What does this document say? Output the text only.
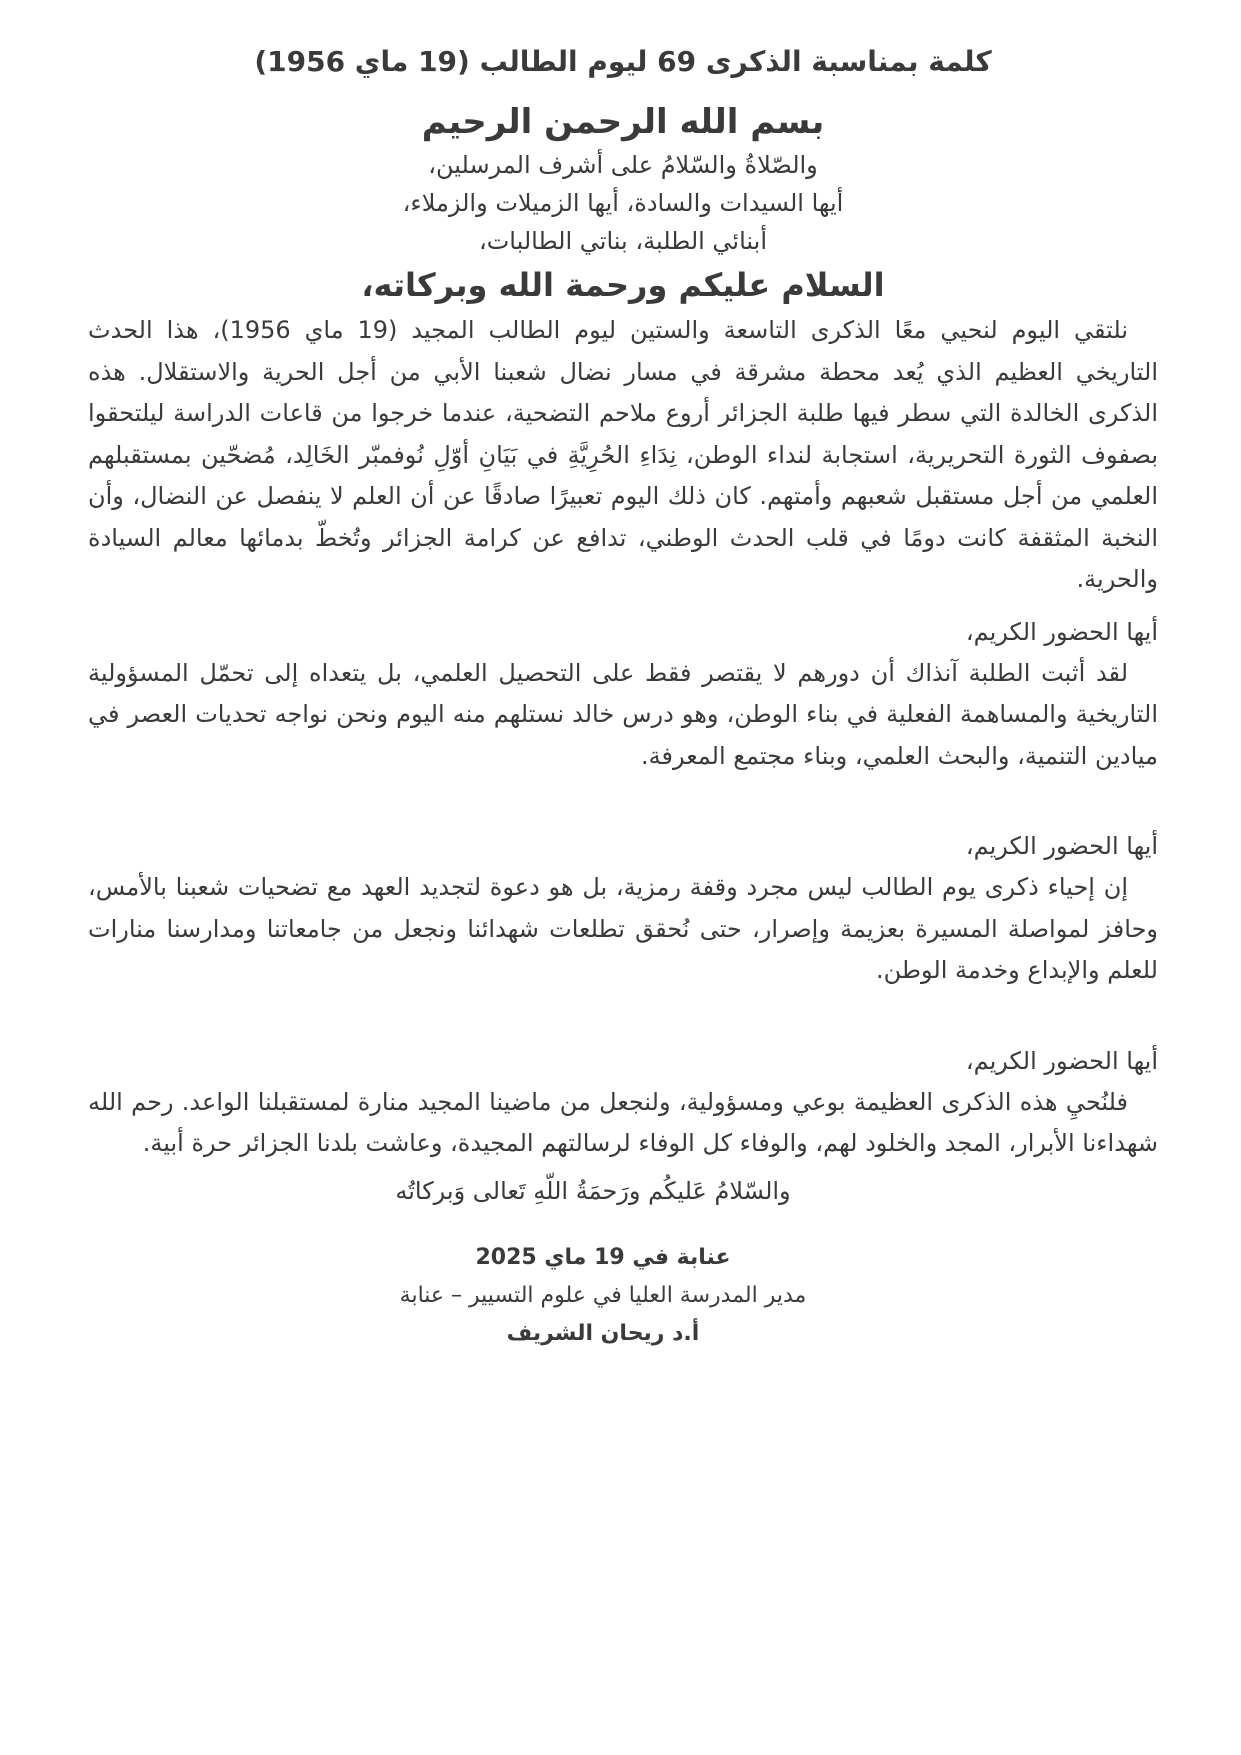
كلمة بمناسبة الذكرى 69 ليوم الطالب (19 ماي 1956)
بسم الله الرحمن الرحيم
والصّلاةُ والسّلامُ على أشرف المرسلين،
أيها السيدات والسادة، أيها الزميلات والزملاء،
أبنائي الطلبة، بناتي الطالبات،
السلام عليكم ورحمة الله وبركاته،

نلتقي اليوم لنحيي معًا الذكرى التاسعة والستين ليوم الطالب المجيد (19 ماي 1956)، هذا الحدث التاريخي العظيم الذي يُعد محطة مشرقة في مسار نضال شعبنا الأبي من أجل الحرية والاستقلال. هذه الذكرى الخالدة التي سطر فيها طلبة الجزائر أروع ملاحم التضحية، عندما خرجوا من قاعات الدراسة ليلتحقوا بصفوف الثورة التحريرية، استجابة لنداء الوطن، نِدَاءِ الحُرِيَّةِ في بَيَانِ أوّلِ نُوفمبّر الخَالِد، مُضحّين بمستقبلهم العلمي من أجل مستقبل شعبهم وأمتهم. كان ذلك اليوم تعبيرًا صادقًا عن أن العلم لا ينفصل عن النضال، وأن النخبة المثقفة كانت دومًا في قلب الحدث الوطني، تدافع عن كرامة الجزائر وتُخطّ بدمائها معالم السيادة والحرية.

أيها الحضور الكريم،

لقد أثبت الطلبة آنذاك أن دورهم لا يقتصر فقط على التحصيل العلمي، بل يتعداه إلى تحمّل المسؤولية التاريخية والمساهمة الفعلية في بناء الوطن، وهو درس خالد نستلهم منه اليوم ونحن نواجه تحديات العصر في ميادين التنمية، والبحث العلمي، وبناء مجتمع المعرفة.

أيها الحضور الكريم،

إن إحياء ذكرى يوم الطالب ليس مجرد وقفة رمزية، بل هو دعوة لتجديد العهد مع تضحيات شعبنا بالأمس، وحافز لمواصلة المسيرة بعزيمة وإصرار، حتى نُحقق تطلعات شهدائنا ونجعل من جامعاتنا ومدارسنا منارات للعلم والإبداع وخدمة الوطن.

أيها الحضور الكريم،

فلنُحيِ هذه الذكرى العظيمة بوعي ومسؤولية، ولنجعل من ماضينا المجيد منارة لمستقبلنا الواعد. رحم الله شهداءنا الأبرار، المجد والخلود لهم، والوفاء كل الوفاء لرسالتهم المجيدة، وعاشت بلدنا الجزائر حرة أبية.

والسّلامُ عَليكُم ورَحمَةُ اللّهِ تَعالى وَبركاتُه

عنابة في 19 ماي 2025
مدير المدرسة العليا في علوم التسيير – عنابة
أ.د ريحان الشريف
